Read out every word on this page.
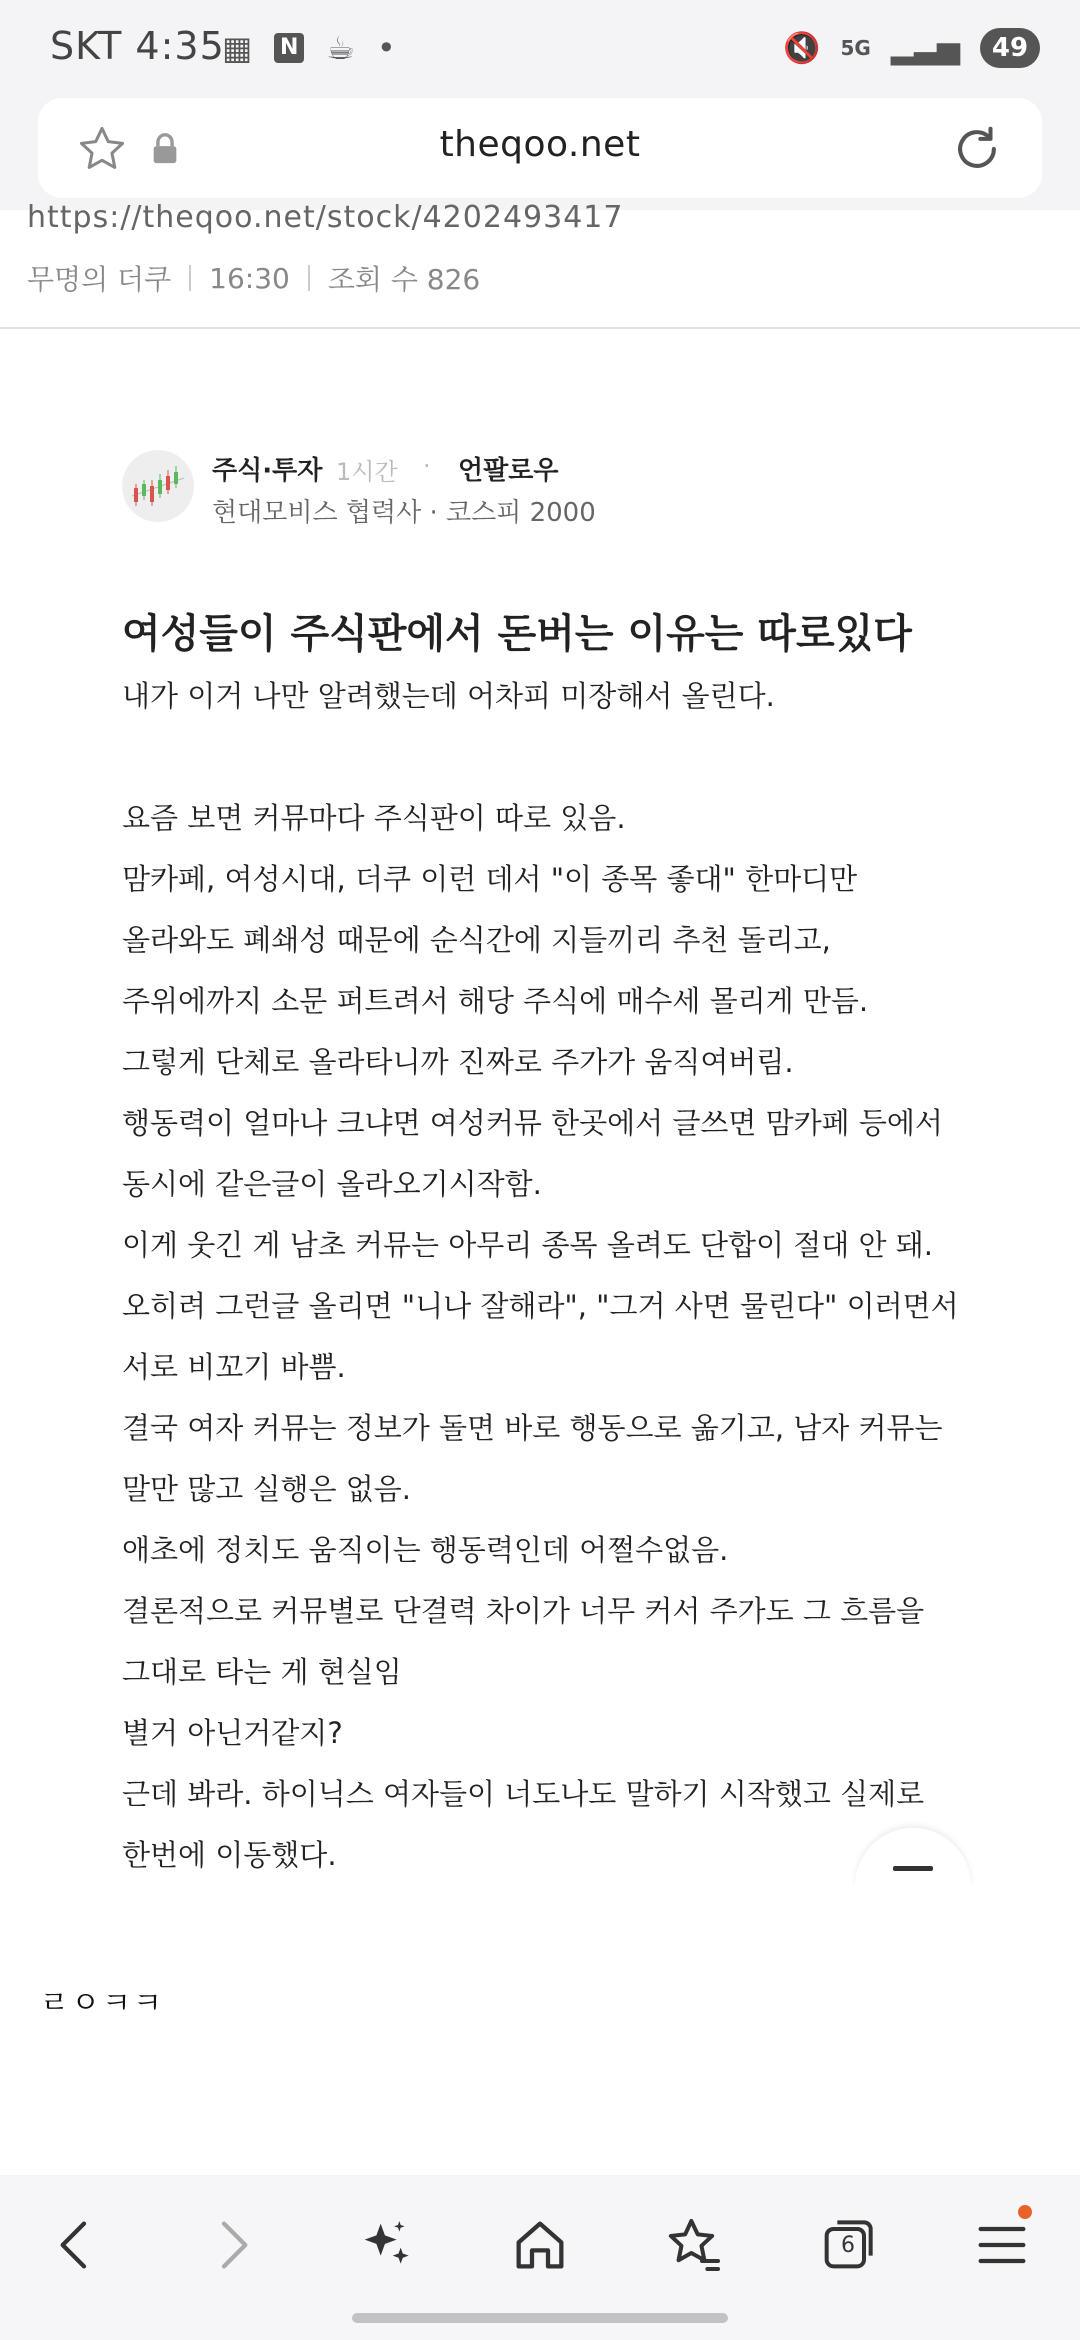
SKT 4:35
▦ N ☕ •	🔇 5G ▂▃▅	49
theqoo.net
https://theqoo.net/stock/4202493417
무명의 더쿠 16:30 조회 수 826
주식·투자 1시간 · 언팔로우
현대모비스 협력사 · 코스피 2000
여성들이 주식판에서 돈버는 이유는 따로있다
내가 이거 나만 알려했는데 어차피 미장해서 올린다.
요즘 보면 커뮤마다 주식판이 따로 있음.
맘카페, 여성시대, 더쿠 이런 데서 "이 종목 좋대" 한마디만
올라와도 폐쇄성 때문에 순식간에 지들끼리 추천 돌리고,
주위에까지 소문 퍼트려서 해당 주식에 매수세 몰리게 만듬.
그렇게 단체로 올라타니까 진짜로 주가가 움직여버림.
행동력이 얼마나 크냐면 여성커뮤 한곳에서 글쓰면 맘카페 등에서
동시에 같은글이 올라오기시작함.
이게 웃긴 게 남초 커뮤는 아무리 종목 올려도 단합이 절대 안 돼.
오히려 그런글 올리면 "니나 잘해라", "그거 사면 물린다" 이러면서
서로 비꼬기 바쁨.
결국 여자 커뮤는 정보가 돌면 바로 행동으로 옮기고, 남자 커뮤는
말만 많고 실행은 없음.
애초에 정치도 움직이는 행동력인데 어쩔수없음.
결론적으로 커뮤별로 단결력 차이가 너무 커서 주가도 그 흐름을
그대로 타는 게 현실임
별거 아닌거같지?
근데 봐라. 하이닉스 여자들이 너도나도 말하기 시작했고 실제로
한번에 이동했다.
ㄹㅇㅋㅋ
6
